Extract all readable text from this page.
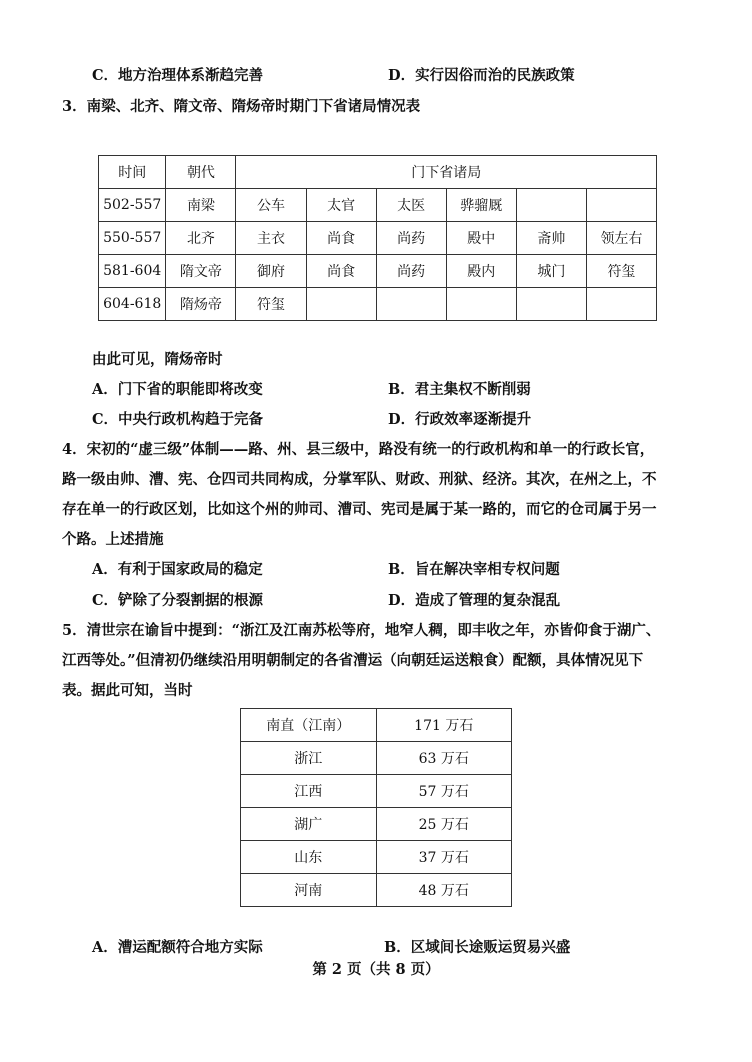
C．地方治理体系渐趋完善	D．实行因俗而治的民族政策
3．南梁、北齐、隋文帝、隋炀帝时期门下省诸局情况表
时间	朝代	门下省诸局					
502-557	南梁	公车	太官	太医	骅骝厩		
550-557	北齐	主衣	尚食	尚药	殿中	斋帅	领左右
581-604	隋文帝	御府	尚食	尚药	殿内	城门	符玺
604-618	隋炀帝	符玺					
由此可见，隋炀帝时
A．门下省的职能即将改变	B．君主集权不断削弱
C．中央行政机构趋于完备	D．行政效率逐渐提升
4．宋初的“虚三级”体制——路、州、县三级中，路没有统一的行政机构和单一的行政长官，
路一级由帅、漕、宪、仓四司共同构成，分掌军队、财政、刑狱、经济。其次，在州之上，不
存在单一的行政区划，比如这个州的帅司、漕司、宪司是属于某一路的，而它的仓司属于另一
个路。上述措施
A．有利于国家政局的稳定	B．旨在解决宰相专权问题
C．铲除了分裂割据的根源	D．造成了管理的复杂混乱
5．清世宗在谕旨中提到：“浙江及江南苏松等府，地窄人稠，即丰收之年，亦皆仰食于湖广、
江西等处。”但清初仍继续沿用明朝制定的各省漕运（向朝廷运送粮食）配额，具体情况见下
表。据此可知，当时
南直（江南）	171 万石
浙江	63 万石
江西	57 万石
湖广	25 万石
山东	37 万石
河南	48 万石
A．漕运配额符合地方实际	B．区域间长途贩运贸易兴盛
第 2 页（共 8 页）
